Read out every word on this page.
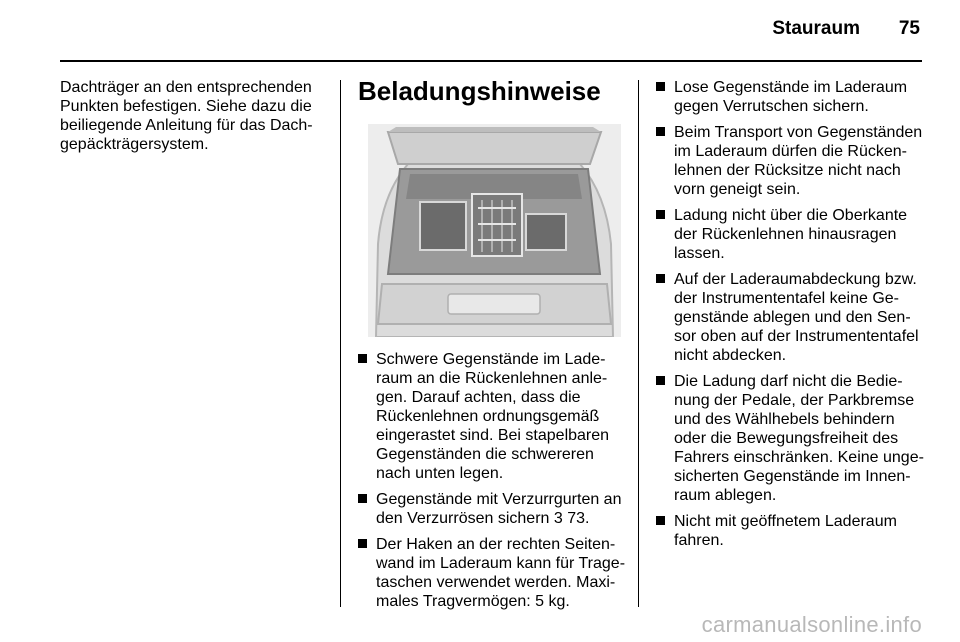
Stauraum	75

Dachträger an den entsprechenden Punkten befestigen. Siehe dazu die beiliegende Anleitung für das Dach-gepäckträgersystem.

Beladungshinweise
Schwere Gegenstände im Lade-raum an die Rückenlehnen anle-gen. Darauf achten, dass die Rückenlehnen ordnungsgemäß eingerastet sind. Bei stapelbaren Gegenständen die schwereren nach unten legen.
Gegenstände mit Verzurrgurten an den Verzurrösen sichern 3 73.
Der Haken an der rechten Seiten-wand im Laderaum kann für Trage-taschen verwendet werden. Maxi-males Tragvermögen: 5 kg.
Lose Gegenstände im Laderaum gegen Verrutschen sichern.
Beim Transport von Gegenständen im Laderaum dürfen die Rücken-lehnen der Rücksitze nicht nach vorn geneigt sein.
Ladung nicht über die Oberkante der Rückenlehnen hinausragen lassen.
Auf der Laderaumabdeckung bzw. der Instrumententafel keine Ge-genstände ablegen und den Sen-sor oben auf der Instrumententafel nicht abdecken.
Die Ladung darf nicht die Bedie-nung der Pedale, der Parkbremse und des Wählhebels behindern oder die Bewegungsfreiheit des Fahrers einschränken. Keine unge-sicherten Gegenstände im Innen-raum ablegen.
Nicht mit geöffnetem Laderaum fahren.
carmanualsonline.info
